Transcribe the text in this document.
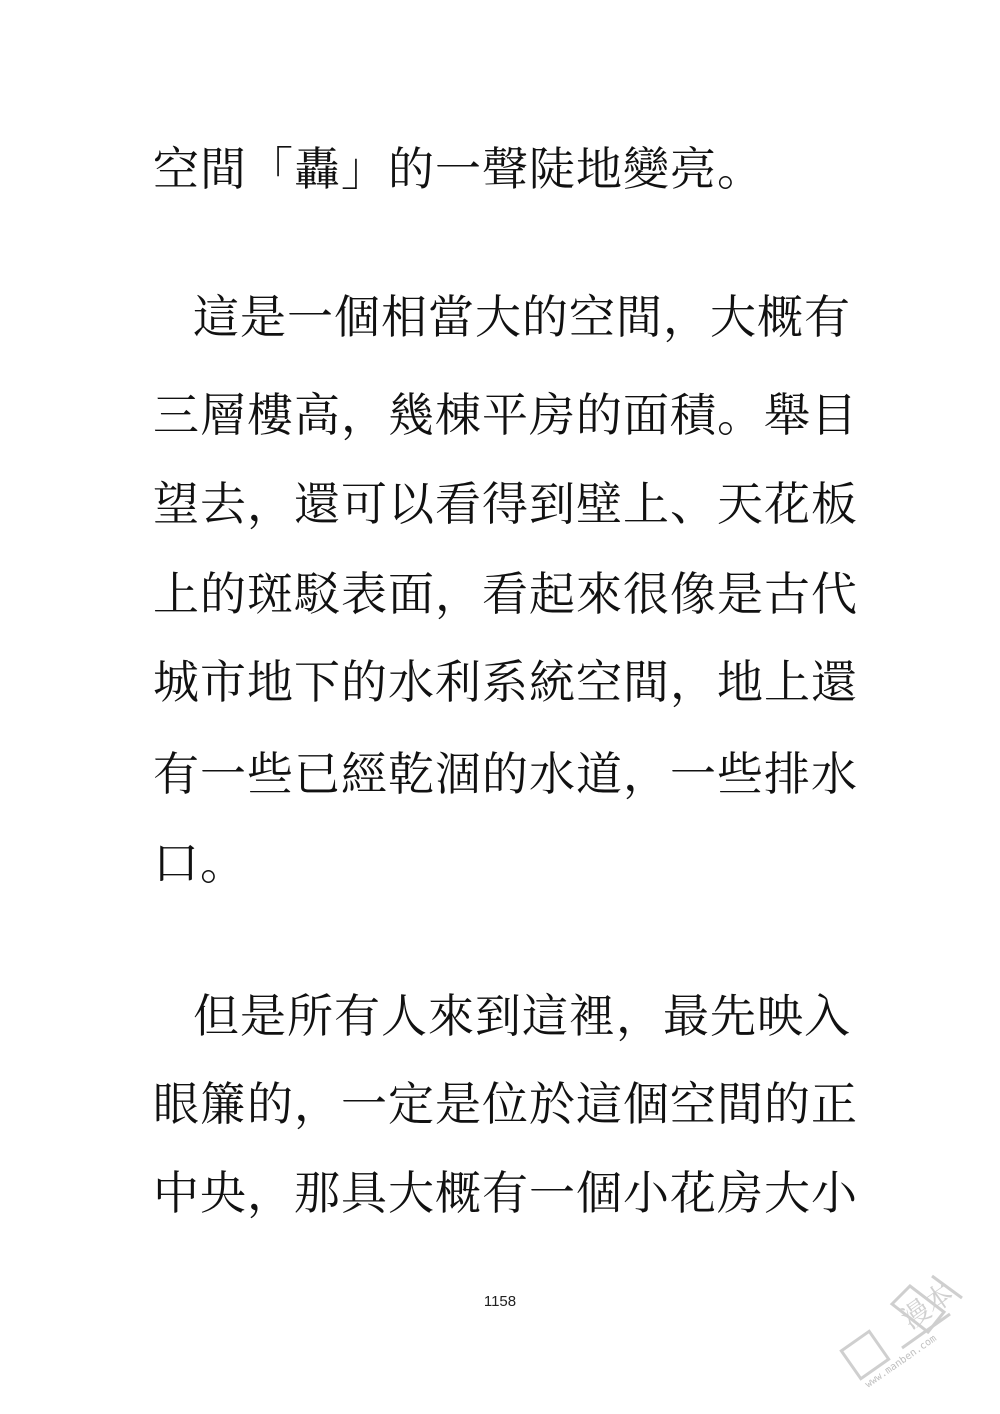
空間「轟」的一聲陡地變亮。
這是一個相當大的空間，大概有
三層樓高，幾棟平房的面積。舉目
望去，還可以看得到壁上、天花板
上的斑駁表面，看起來很像是古代
城市地下的水利系統空間，地上還
有一些已經乾涸的水道，一些排水
口。
但是所有人來到這裡，最先映入
眼簾的，一定是位於這個空間的正
中央，那具大概有一個小花房大小
1158
www.manben.com
漫本
